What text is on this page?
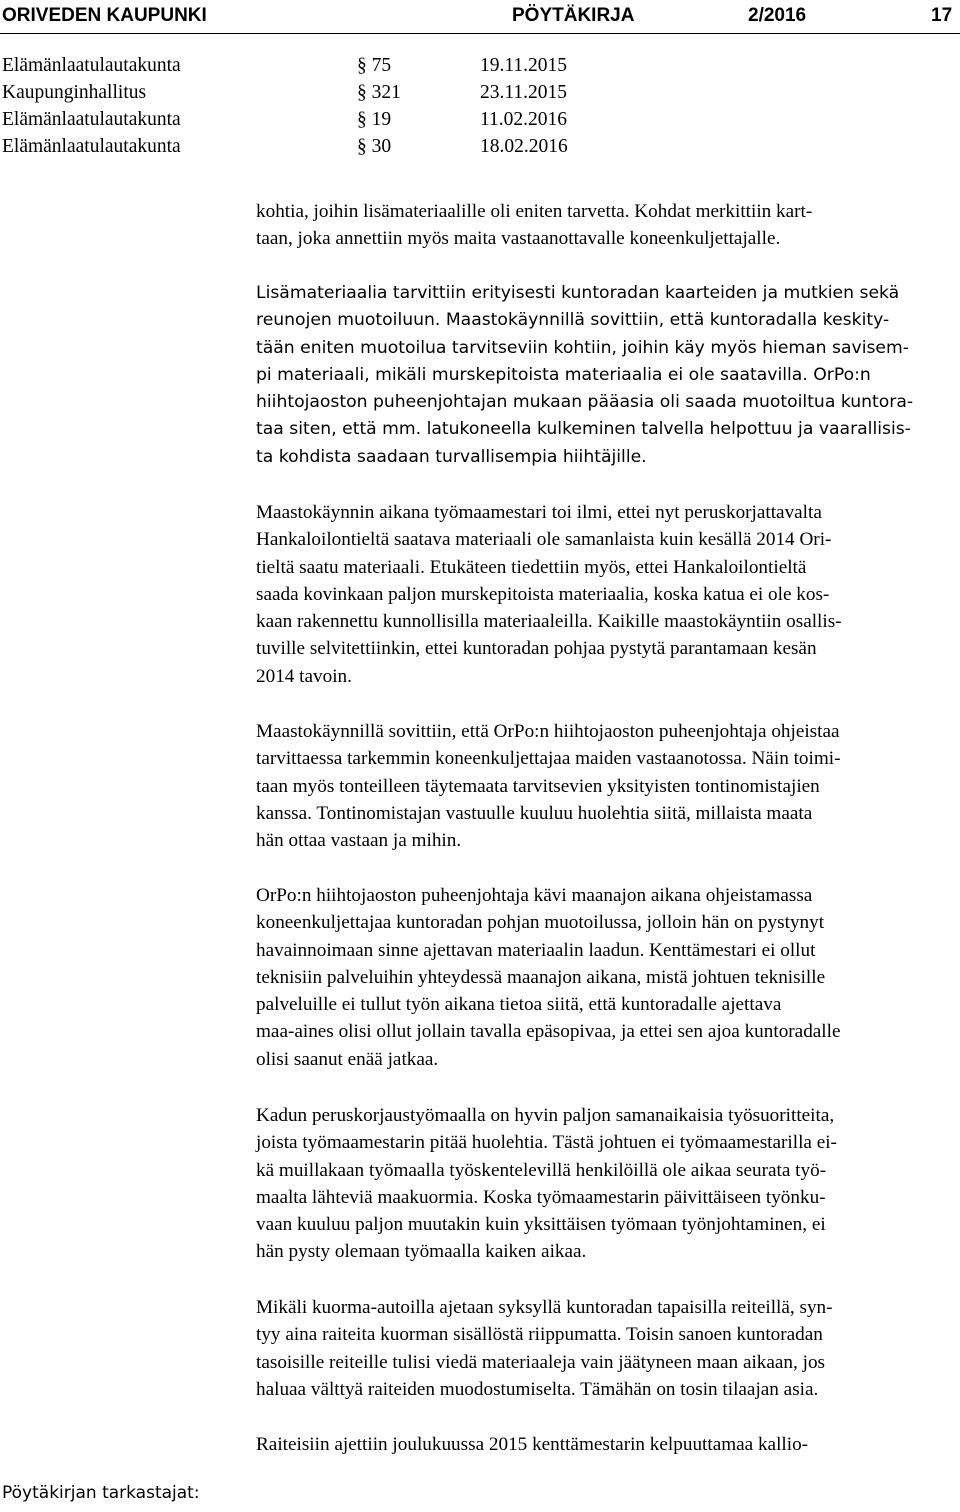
ORIVEDEN KAUPUNKI	PÖYTÄKIRJA	2/2016	17
Elämänlaatulautakunta	§ 75	19.11.2015
Kaupunginhallitus	§ 321	23.11.2015
Elämänlaatulautakunta	§ 19	11.02.2016
Elämänlaatulautakunta	§ 30	18.02.2016
kohtia, joihin lisämateriaalille oli eniten tarvetta. Kohdat merkittiin kart-
taan, joka annettiin myös maita vastaanottavalle koneenkuljettajalle.
Lisämateriaalia tarvittiin erityisesti kuntoradan kaarteiden ja mutkien sekä
reunojen muotoiluun. Maastokäynnillä sovittiin, että kuntoradalla keskity-
tään eniten muotoilua tarvitseviin kohtiin, joihin käy myös hieman savisem-
pi materiaali, mikäli murskepitoista materiaalia ei ole saatavilla. OrPo:n
hiihtojaoston puheenjohtajan mukaan pääasia oli saada muotoiltua kuntora-
taa siten, että mm. latukoneella kulkeminen talvella helpottuu ja vaarallisis-
ta kohdista saadaan turvallisempia hiihtäjille.
Maastokäynnin aikana työmaamestari toi ilmi, ettei nyt peruskorjattavalta
Hankaloilontieltä saatava materiaali ole samanlaista kuin kesällä 2014 Ori-
tieltä saatu materiaali. Etukäteen tiedettiin myös, ettei Hankaloilontieltä
saada kovinkaan paljon murskepitoista materiaalia, koska katua ei ole kos-
kaan rakennettu kunnollisilla materiaaleilla. Kaikille maastokäyntiin osallis-
tuville selvitettiinkin, ettei kuntoradan pohjaa pystytä parantamaan kesän
2014 tavoin.
Maastokäynnillä sovittiin, että OrPo:n hiihtojaoston puheenjohtaja ohjeistaa
tarvittaessa tarkemmin koneenkuljettajaa maiden vastaanotossa. Näin toimi-
taan myös tonteilleen täytemaata tarvitsevien yksityisten tontinomistajien
kanssa. Tontinomistajan vastuulle kuuluu huolehtia siitä, millaista maata
hän ottaa vastaan ja mihin.
OrPo:n hiihtojaoston puheenjohtaja kävi maanajon aikana ohjeistamassa
koneenkuljettajaa kuntoradan pohjan muotoilussa, jolloin hän on pystynyt
havainnoimaan sinne ajettavan materiaalin laadun. Kenttämestari ei ollut
teknisiin palveluihin yhteydessä maanajon aikana, mistä johtuen teknisille
palveluille ei tullut työn aikana tietoa siitä, että kuntoradalle ajettava
maa-aines olisi ollut jollain tavalla epäsopivaa, ja ettei sen ajoa kuntoradalle
olisi saanut enää jatkaa.
Kadun peruskorjaustyömaalla on hyvin paljon samanaikaisia työsuoritteita,
joista työmaamestarin pitää huolehtia. Tästä johtuen ei työmaamestarilla ei-
kä muillakaan työmaalla työskentelevillä henkilöillä ole aikaa seurata työ-
maalta lähteviä maakuormia. Koska työmaamestarin päivittäiseen työnku-
vaan kuuluu paljon muutakin kuin yksittäisen työmaan työnjohtaminen, ei
hän pysty olemaan työmaalla kaiken aikaa.
Mikäli kuorma-autoilla ajetaan syksyllä kuntoradan tapaisilla reiteillä, syn-
tyy aina raiteita kuorman sisällöstä riippumatta. Toisin sanoen kuntoradan
tasoisille reiteille tulisi viedä materiaaleja vain jäätyneen maan aikaan, jos
haluaa välttyä raiteiden muodostumiselta. Tämähän on tosin tilaajan asia.
Raiteisiin ajettiin joulukuussa 2015 kenttämestarin kelpuuttamaa kallio-
Pöytäkirjan tarkastajat:
